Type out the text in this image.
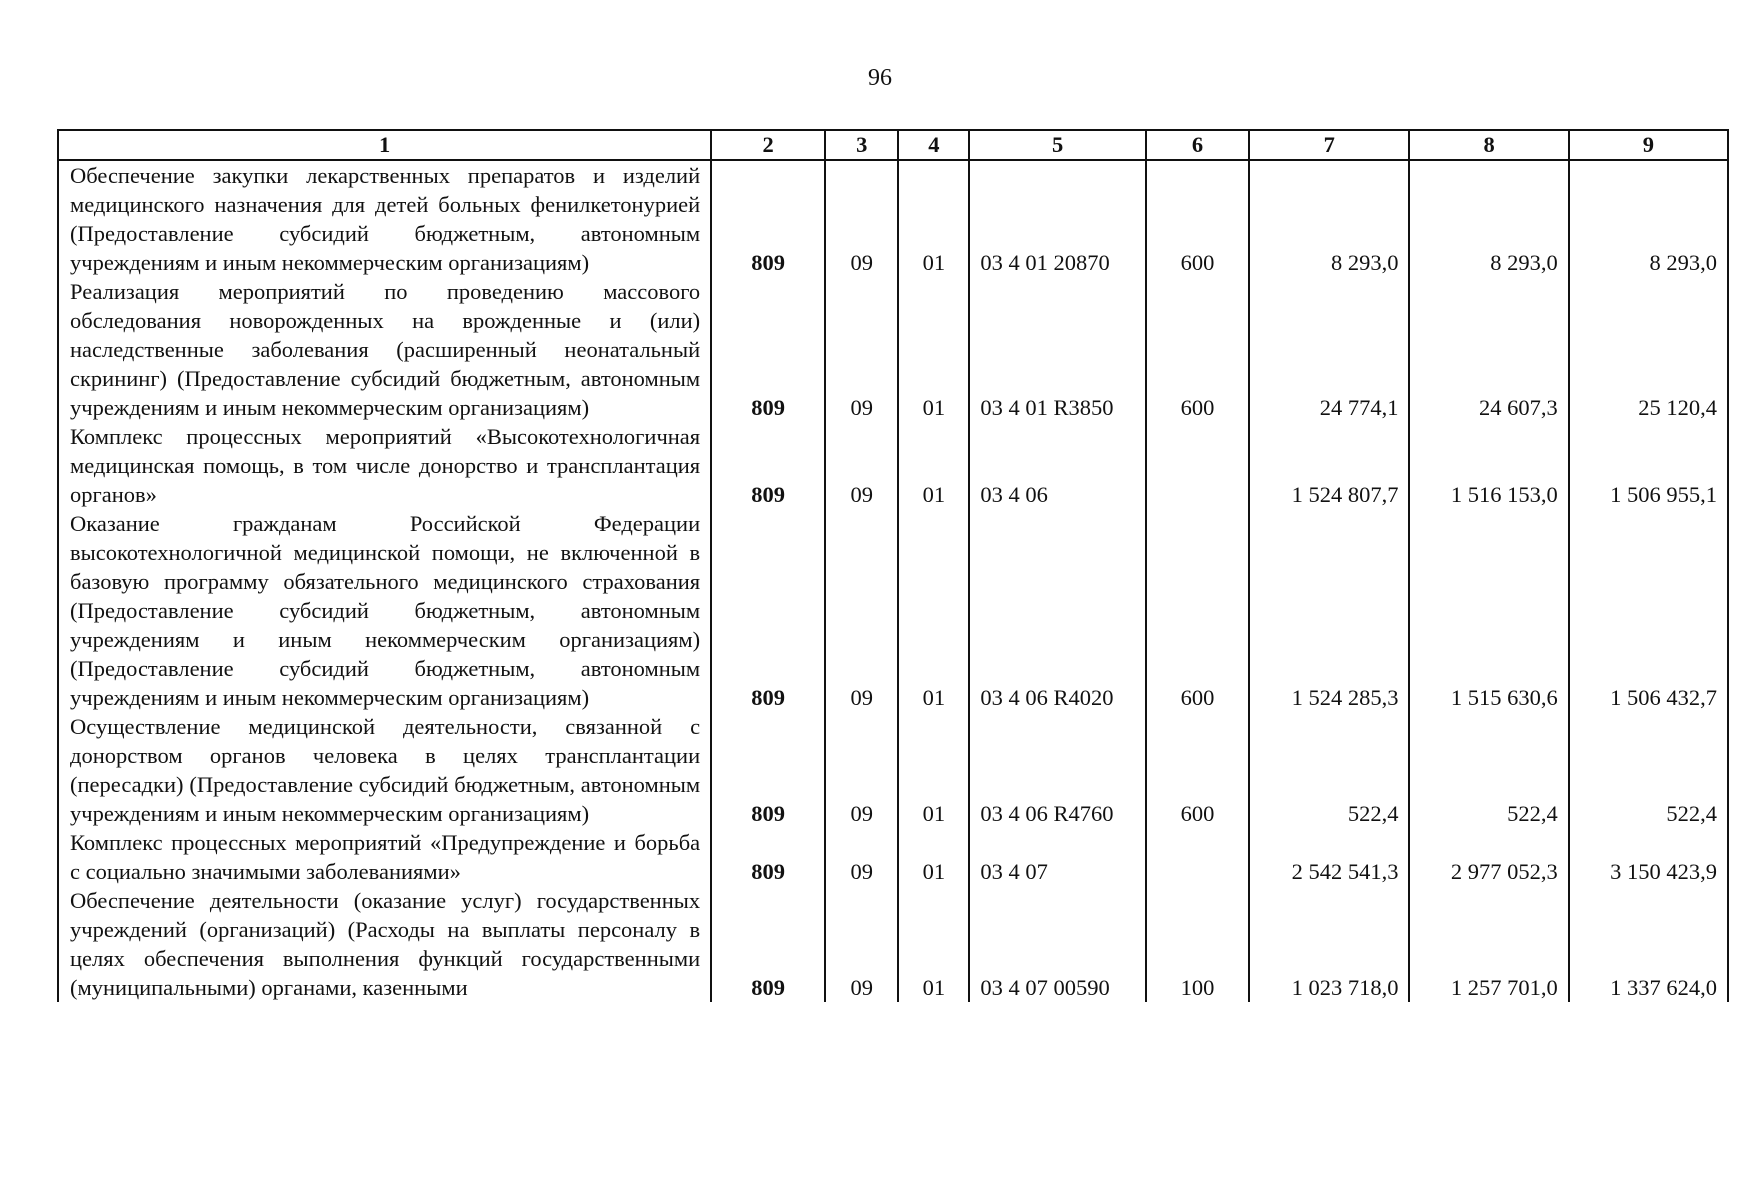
96
1	2	3	4	5	6	7	8	9

Обеспечение закупки лекарственных препаратов и изделий медицинского назначения для детей больных фенилкетонурией (Предоставление субсидий бюджетным, автономным учреждениям и иным некоммерческим организациям)	809	09	01	03 4 01 20870	600	8 293,0	8 293,0	8 293,0

Реализация мероприятий по проведению массового обследования новорожденных на врожденные и (или) наследственные заболевания (расширенный неонатальный скрининг) (Предоставление субсидий бюджетным, автономным учреждениям и иным некоммерческим организациям)	809	09	01	03 4 01 R3850	600	24 774,1	24 607,3	25 120,4

Комплекс процессных мероприятий «Высокотехнологичная медицинская помощь, в том числе донорство и трансплантация органов»	809	09	01	03 4 06		1 524 807,7	1 516 153,0	1 506 955,1

Оказание гражданам Российской Федерации высокотехнологичной медицинской помощи, не включенной в базовую программу обязательного медицинского страхования (Предоставление субсидий бюджетным, автономным учреждениям и иным некоммерческим организациям) (Предоставление субсидий бюджетным, автономным учреждениям и иным некоммерческим организациям)	809	09	01	03 4 06 R4020	600	1 524 285,3	1 515 630,6	1 506 432,7

Осуществление медицинской деятельности, связанной с донорством органов человека в целях трансплантации (пересадки) (Предоставление субсидий бюджетным, автономным учреждениям и иным некоммерческим организациям)	809	09	01	03 4 06 R4760	600	522,4	522,4	522,4

Комплекс процессных мероприятий «Предупреждение и борьба с социально значимыми заболеваниями»	809	09	01	03 4 07		2 542 541,3	2 977 052,3	3 150 423,9

Обеспечение деятельности (оказание услуг) государственных учреждений (организаций) (Расходы на выплаты персоналу в целях обеспечения выполнения функций государственными (муниципальными) органами, казенными	809	09	01	03 4 07 00590	100	1 023 718,0	1 257 701,0	1 337 624,0
